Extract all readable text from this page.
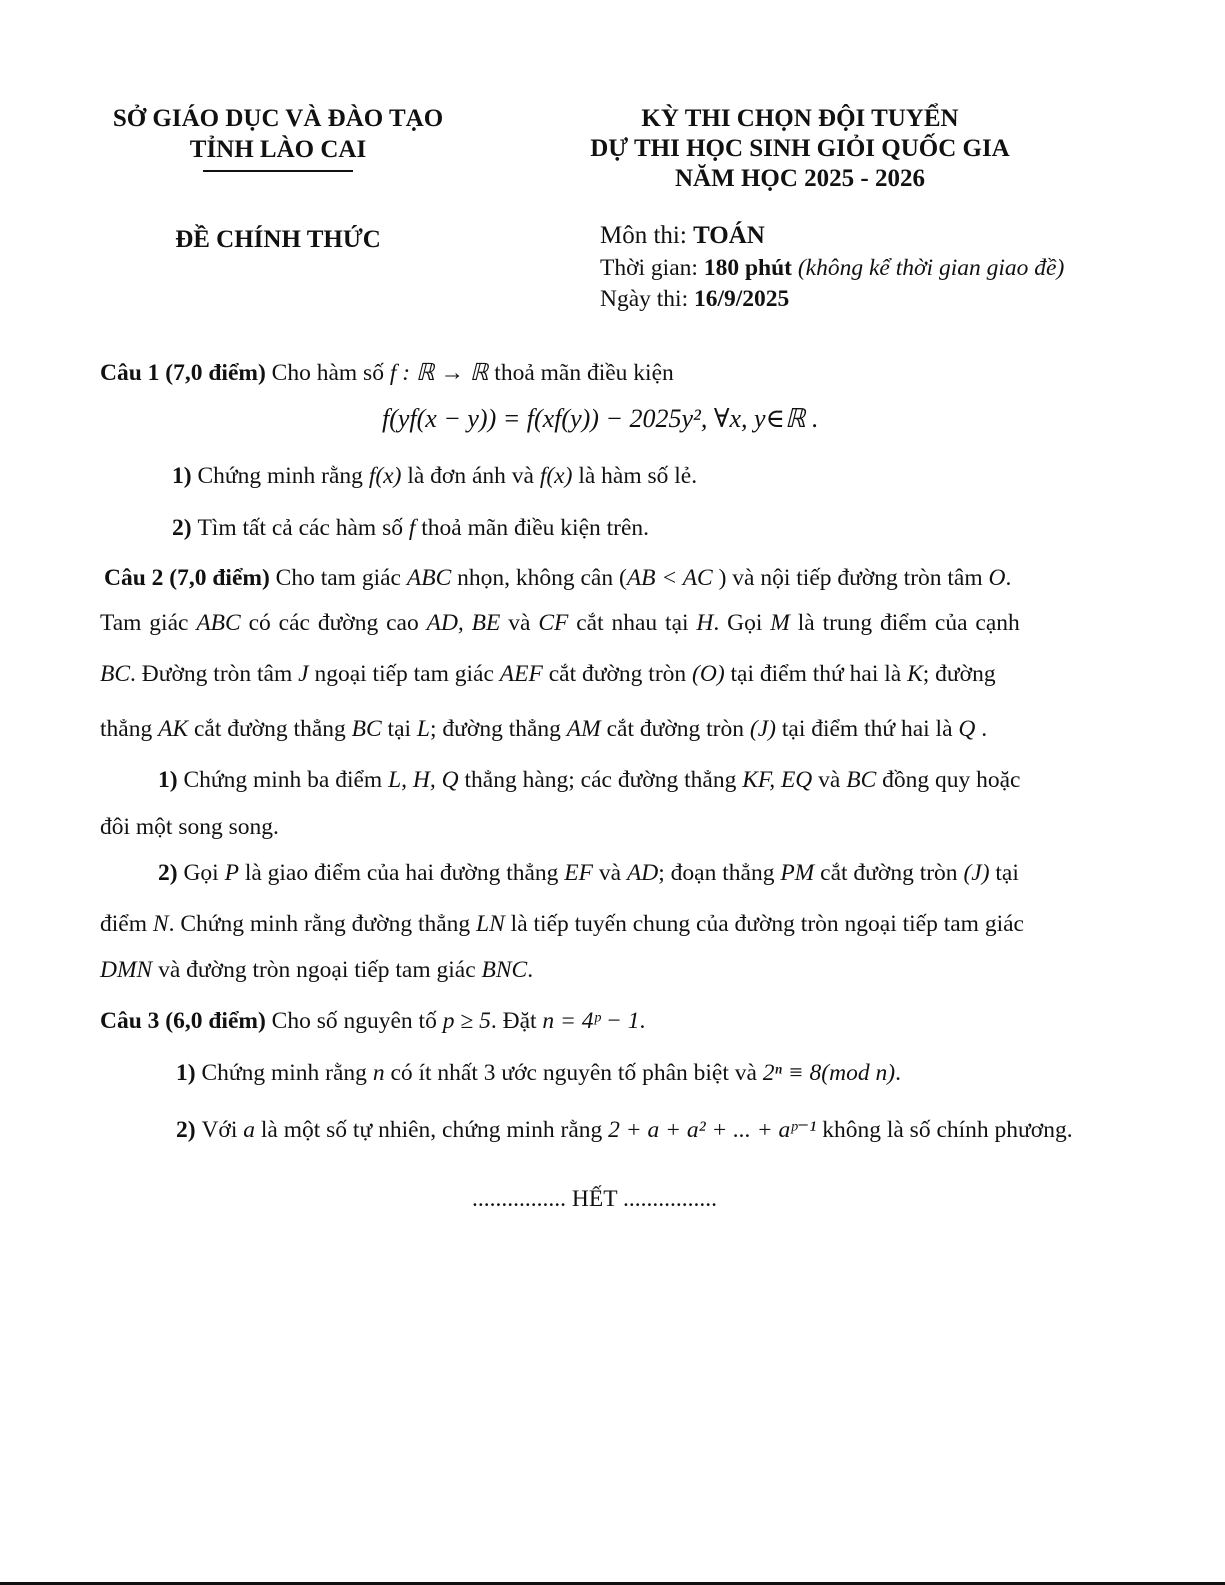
SỞ GIÁO DỤC VÀ ĐÀO TẠO
TỈNH LÀO CAI
KỲ THI CHỌN ĐỘI TUYỂN
DỰ THI HỌC SINH GIỎI QUỐC GIA
NĂM HỌC 2025 - 2026
ĐỀ CHÍNH THỨC	Môn thi: TOÁN
Thời gian: 180 phút (không kể thời gian giao đề)
Ngày thi: 16/9/2025
Câu 1 (7,0 điểm) Cho hàm số f : ℝ → ℝ thoả mãn điều kiện
f(yf(x − y)) = f(xf(y)) − 2025y², ∀x, y∈ℝ .
1) Chứng minh rằng f(x) là đơn ánh và f(x) là hàm số lẻ.
2) Tìm tất cả các hàm số f thoả mãn điều kiện trên.
Câu 2 (7,0 điểm) Cho tam giác ABC nhọn, không cân (AB < AC ) và nội tiếp đường tròn tâm O.
Tam giác ABC có các đường cao AD, BE và CF cắt nhau tại H. Gọi M là trung điểm của cạnh
BC. Đường tròn tâm J ngoại tiếp tam giác AEF cắt đường tròn (O) tại điểm thứ hai là K; đường
thẳng AK cắt đường thẳng BC tại L; đường thẳng AM cắt đường tròn (J) tại điểm thứ hai là Q .
1) Chứng minh ba điểm L, H, Q thẳng hàng; các đường thẳng KF, EQ và BC đồng quy hoặc
đôi một song song.
2) Gọi P là giao điểm của hai đường thẳng EF và AD; đoạn thẳng PM cắt đường tròn (J) tại
điểm N. Chứng minh rằng đường thẳng LN là tiếp tuyến chung của đường tròn ngoại tiếp tam giác
DMN và đường tròn ngoại tiếp tam giác BNC.
Câu 3 (6,0 điểm) Cho số nguyên tố p ≥ 5. Đặt n = 4ᵖ − 1.
1) Chứng minh rằng n có ít nhất 3 ước nguyên tố phân biệt và 2ⁿ ≡ 8(mod n).
2) Với a là một số tự nhiên, chứng minh rằng 2 + a + a² + ... + aᵖ⁻¹ không là số chính phương.
................ HẾT ................
